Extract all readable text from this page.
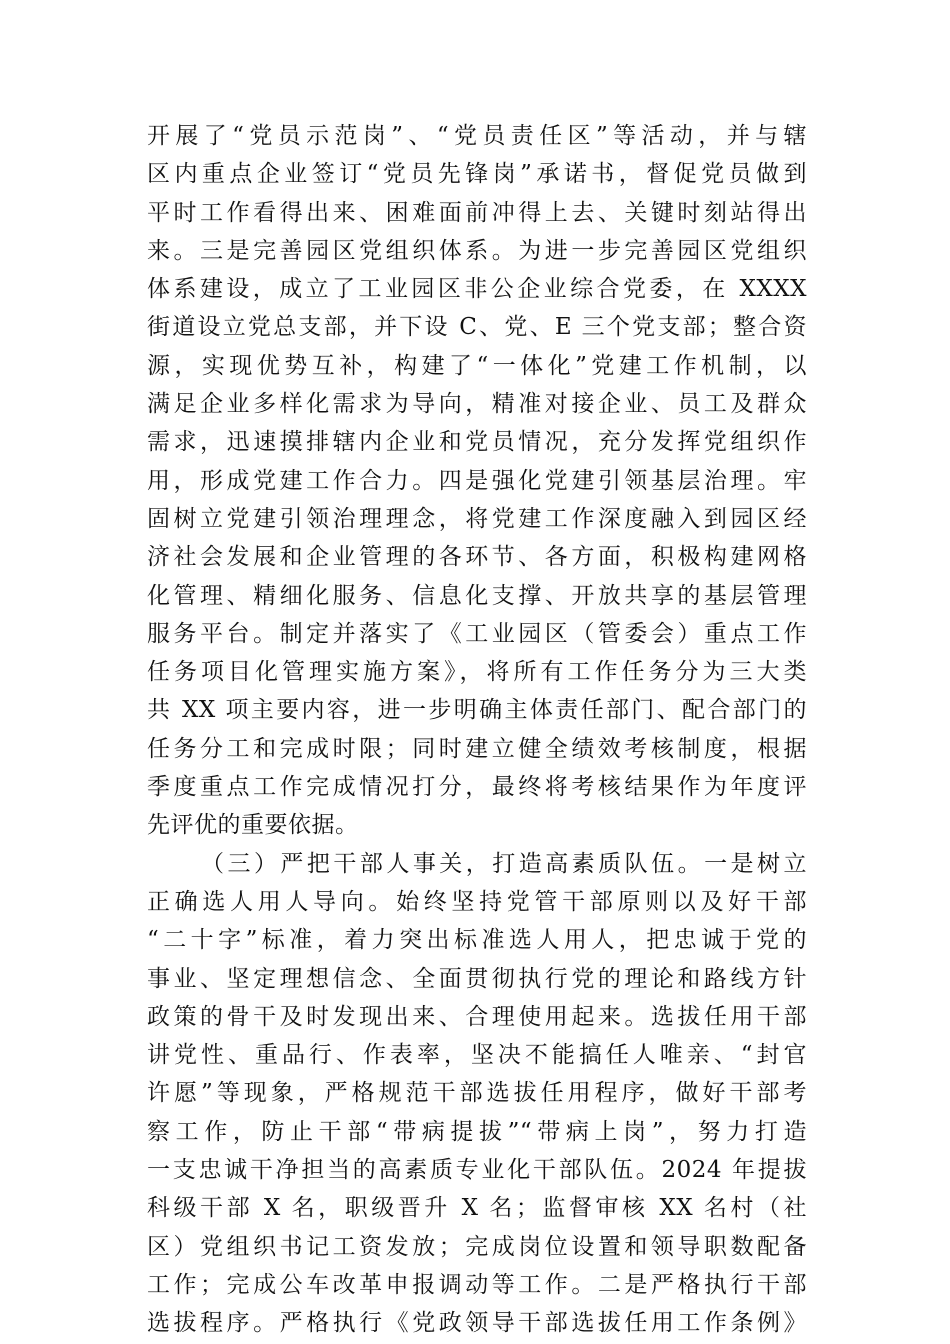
开展了“党员示范岗”、“党员责任区”等活动，并与辖
区内重点企业签订“党员先锋岗”承诺书，督促党员做到
平时工作看得出来、困难面前冲得上去、关键时刻站得出
来。三是完善园区党组织体系。为进一步完善园区党组织
体系建设，成立了工业园区非公企业综合党委，在 XXXX
街道设立党总支部，并下设 C、党、E 三个党支部；整合资
源，实现优势互补，构建了“一体化”党建工作机制，以
满足企业多样化需求为导向，精准对接企业、员工及群众
需求，迅速摸排辖内企业和党员情况，充分发挥党组织作
用，形成党建工作合力。四是强化党建引领基层治理。牢
固树立党建引领治理理念，将党建工作深度融入到园区经
济社会发展和企业管理的各环节、各方面，积极构建网格
化管理、精细化服务、信息化支撑、开放共享的基层管理
服务平台。制定并落实了《工业园区（管委会）重点工作
任务项目化管理实施方案》，将所有工作任务分为三大类
共 XX 项主要内容，进一步明确主体责任部门、配合部门的
任务分工和完成时限；同时建立健全绩效考核制度，根据
季度重点工作完成情况打分，最终将考核结果作为年度评
先评优的重要依据。
（三）严把干部人事关，打造高素质队伍。一是树立
正确选人用人导向。始终坚持党管干部原则以及好干部
“二十字”标准，着力突出标准选人用人，把忠诚于党的
事业、坚定理想信念、全面贯彻执行党的理论和路线方针
政策的骨干及时发现出来、合理使用起来。选拔任用干部
讲党性、重品行、作表率，坚决不能搞任人唯亲、“封官
许愿”等现象，严格规范干部选拔任用程序，做好干部考
察工作，防止干部“带病提拔”“带病上岗”，努力打造
一支忠诚干净担当的高素质专业化干部队伍。2024 年提拔
科级干部 X 名，职级晋升 X 名；监督审核 XX 名村（社
区）党组织书记工资发放；完成岗位设置和领导职数配备
工作；完成公车改革申报调动等工作。二是严格执行干部
选拔程序。严格执行《党政领导干部选拔任用工作条例》
